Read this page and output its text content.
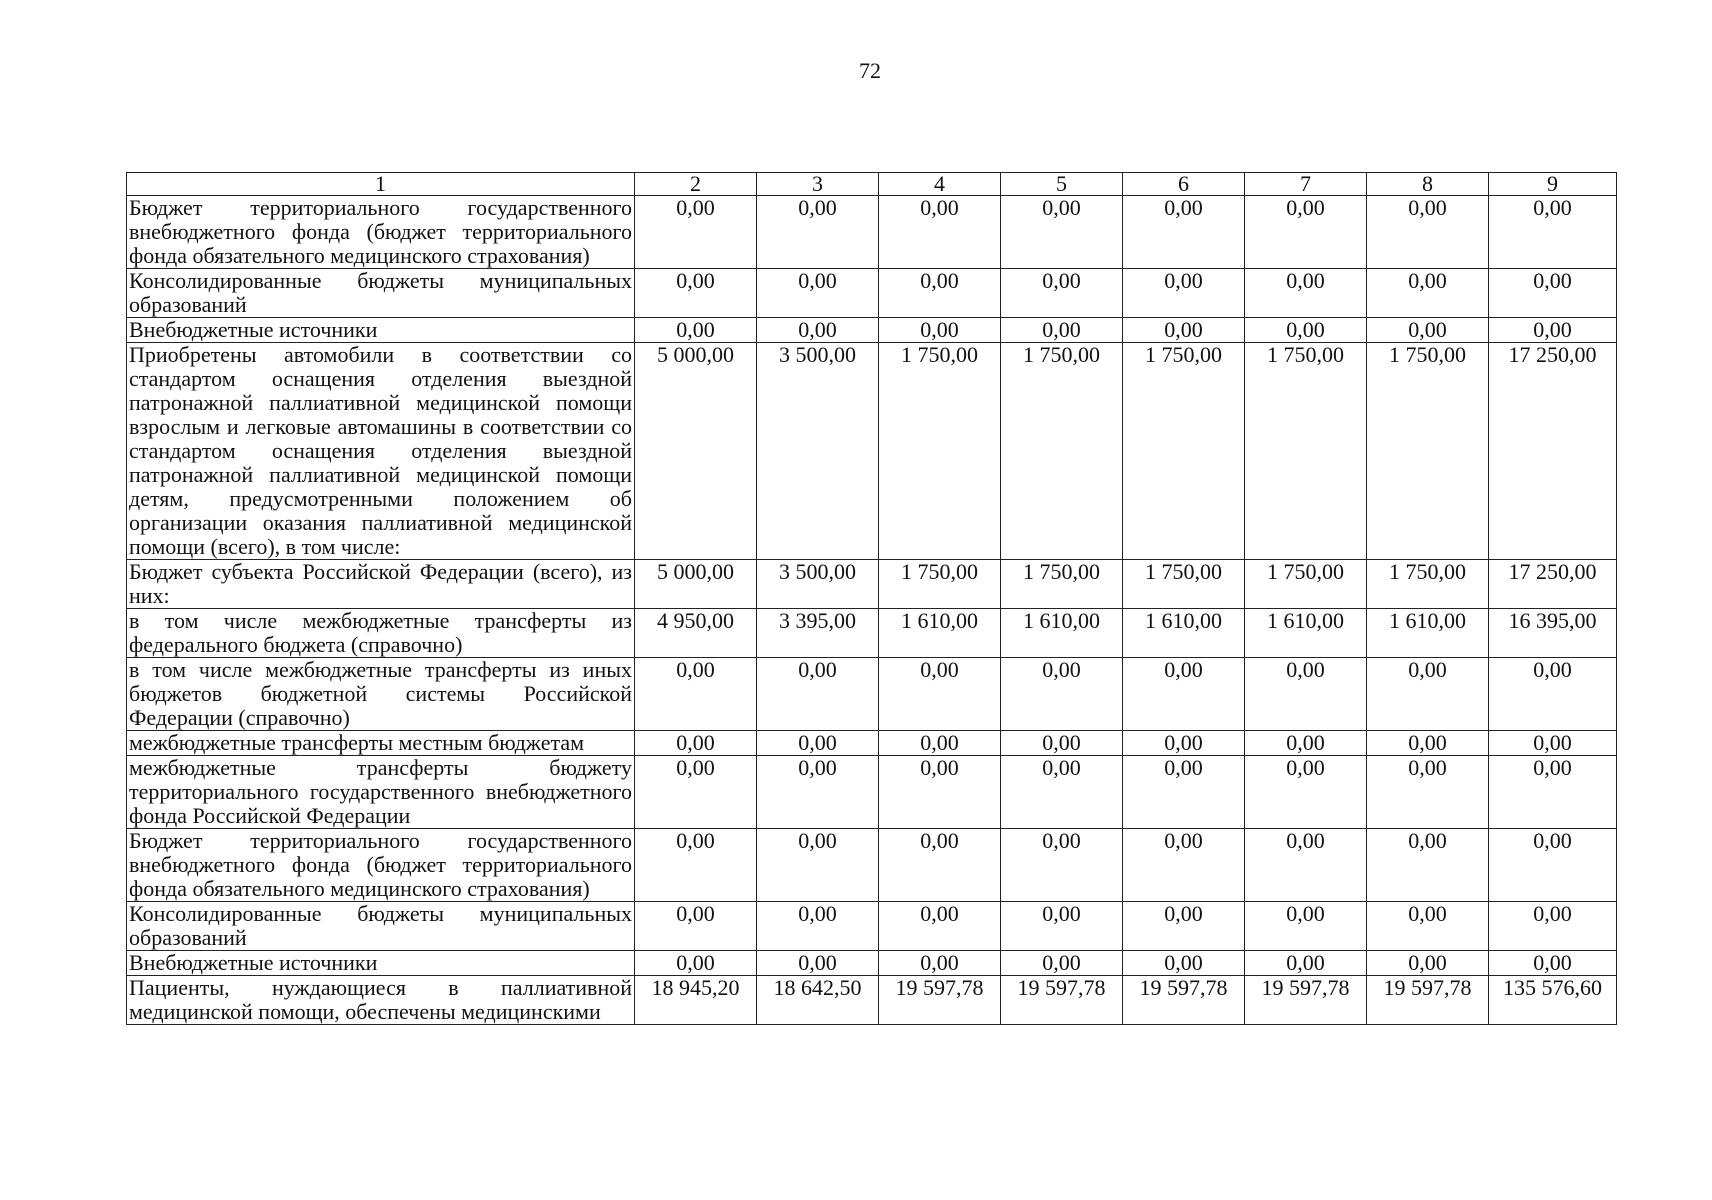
72
1	2	3	4	5	6	7	8	9
Бюджет территориального государственного внебюджетного фонда (бюджет территориального фонда обязательного медицинского страхования)	0,00	0,00	0,00	0,00	0,00	0,00	0,00	0,00
Консолидированные бюджеты муниципальных образований	0,00	0,00	0,00	0,00	0,00	0,00	0,00	0,00
Внебюджетные источники	0,00	0,00	0,00	0,00	0,00	0,00	0,00	0,00
Приобретены автомобили в соответствии со стандартом оснащения отделения выездной патронажной паллиативной медицинской помощи взрослым и легковые автомашины в соответствии со стандартом оснащения отделения выездной патронажной паллиативной медицинской помощи детям, предусмотренными положением об организации оказания паллиативной медицинской помощи (всего), в том числе:	5 000,00	3 500,00	1 750,00	1 750,00	1 750,00	1 750,00	1 750,00	17 250,00
Бюджет субъекта Российской Федерации (всего), из них:	5 000,00	3 500,00	1 750,00	1 750,00	1 750,00	1 750,00	1 750,00	17 250,00
в том числе межбюджетные трансферты из федерального бюджета (справочно)	4 950,00	3 395,00	1 610,00	1 610,00	1 610,00	1 610,00	1 610,00	16 395,00
в том числе межбюджетные трансферты из иных бюджетов бюджетной системы Российской Федерации (справочно)	0,00	0,00	0,00	0,00	0,00	0,00	0,00	0,00
межбюджетные трансферты местным бюджетам	0,00	0,00	0,00	0,00	0,00	0,00	0,00	0,00
межбюджетные трансферты бюджету территориального государственного внебюджетного фонда Российской Федерации	0,00	0,00	0,00	0,00	0,00	0,00	0,00	0,00
Бюджет территориального государственного внебюджетного фонда (бюджет территориального фонда обязательного медицинского страхования)	0,00	0,00	0,00	0,00	0,00	0,00	0,00	0,00
Консолидированные бюджеты муниципальных образований	0,00	0,00	0,00	0,00	0,00	0,00	0,00	0,00
Внебюджетные источники	0,00	0,00	0,00	0,00	0,00	0,00	0,00	0,00
Пациенты, нуждающиеся в паллиативной медицинской помощи, обеспечены медицинскими	18 945,20	18 642,50	19 597,78	19 597,78	19 597,78	19 597,78	19 597,78	135 576,60
